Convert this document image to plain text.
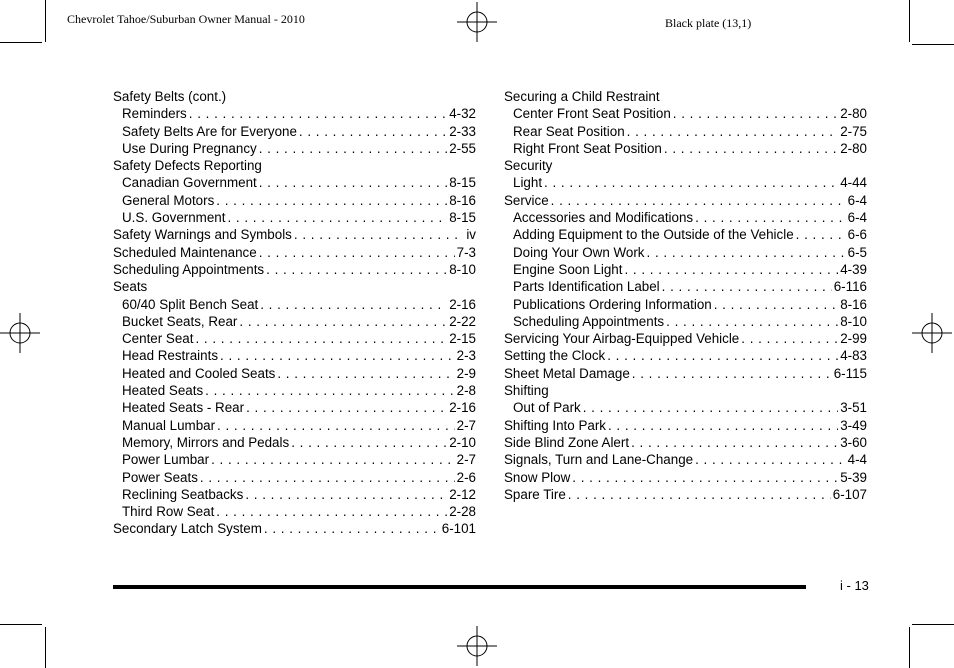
Chevrolet Tahoe/Suburban Owner Manual - 2010	Black plate (13,1)
Safety Belts (cont.)
Reminders . . .	4-32
Safety Belts Are for Everyone . . .	2-33
Use During Pregnancy . . .	2-55
Safety Defects Reporting
Canadian Government . . .	8-15
General Motors . . .	8-16
U.S. Government . . .	8-15
Safety Warnings and Symbols . . .	iv
Scheduled Maintenance . . .	7-3
Scheduling Appointments . . .	8-10
Seats
60/40 Split Bench Seat . . .	2-16
Bucket Seats, Rear . . .	2-22
Center Seat . . .	2-15
Head Restraints . . .	2-3
Heated and Cooled Seats . . .	2-9
Heated Seats . . .	2-8
Heated Seats - Rear . . .	2-16
Manual Lumbar . . .	2-7
Memory, Mirrors and Pedals . . .	2-10
Power Lumbar . . .	2-7
Power Seats . . .	2-6
Reclining Seatbacks . . .	2-12
Third Row Seat . . .	2-28
Secondary Latch System . . .	6-101
Securing a Child Restraint
Center Front Seat Position . . .	2-80
Rear Seat Position . . .	2-75
Right Front Seat Position . . .	2-80
Security
Light . . .	4-44
Service . . .	6-4
Accessories and Modifications . . .	6-4
Adding Equipment to the Outside of the Vehicle . . .	6-6
Doing Your Own Work . . .	6-5
Engine Soon Light . . .	4-39
Parts Identification Label . . .	6-116
Publications Ordering Information . . .	8-16
Scheduling Appointments . . .	8-10
Servicing Your Airbag-Equipped Vehicle . . .	2-99
Setting the Clock . . .	4-83
Sheet Metal Damage . . .	6-115
Shifting
Out of Park . . .	3-51
Shifting Into Park . . .	3-49
Side Blind Zone Alert . . .	3-60
Signals, Turn and Lane-Change . . .	4-4
Snow Plow . . .	5-39
Spare Tire . . .	6-107
i - 13
